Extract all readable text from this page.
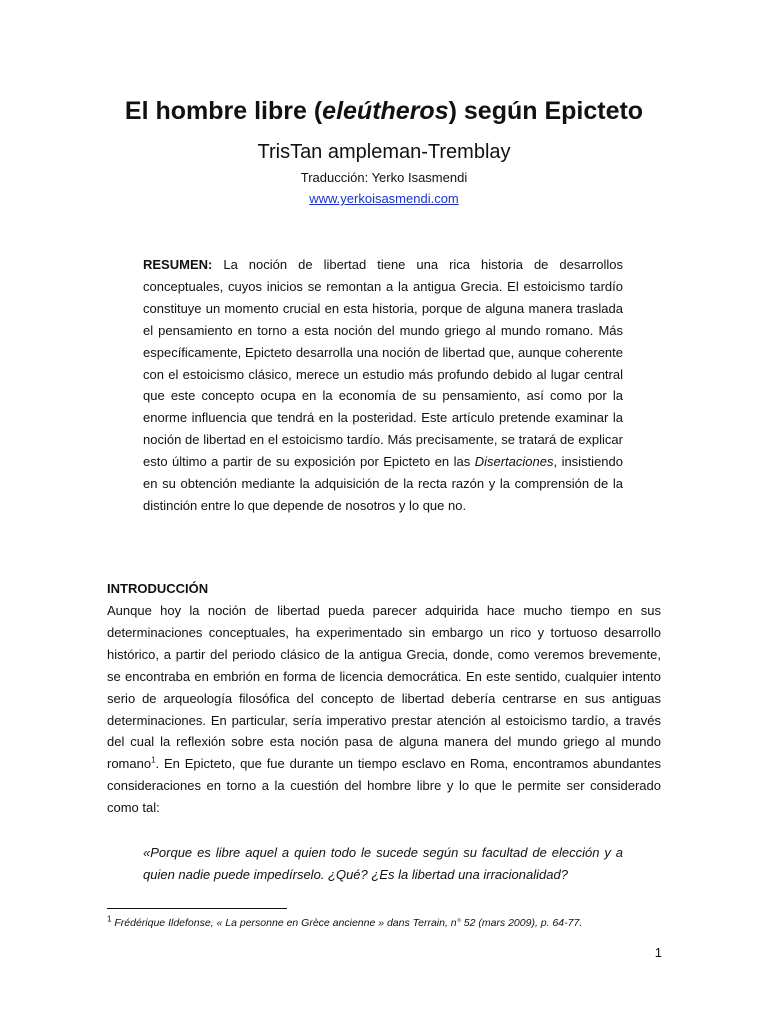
El hombre libre (eleútheros) según Epicteto
TrisTan ampleman-Tremblay
Traducción: Yerko Isasmendi
www.yerkoisasmendi.com

RESUMEN: La noción de libertad tiene una rica historia de desarrollos conceptuales, cuyos inicios se remontan a la antigua Grecia. El estoicismo tardío constituye un momento crucial en esta historia, porque de alguna manera traslada el pensamiento en torno a esta noción del mundo griego al mundo romano. Más específicamente, Epicteto desarrolla una noción de libertad que, aunque coherente con el estoicismo clásico, merece un estudio más profundo debido al lugar central que este concepto ocupa en la economía de su pensamiento, así como por la enorme influencia que tendrá en la posteridad. Este artículo pretende examinar la noción de libertad en el estoicismo tardío. Más precisamente, se tratará de explicar esto último a partir de su exposición por Epicteto en las Disertaciones, insistiendo en su obtención mediante la adquisición de la recta razón y la comprensión de la distinción entre lo que depende de nosotros y lo que no.

INTRODUCCIÓN

Aunque hoy la noción de libertad pueda parecer adquirida hace mucho tiempo en sus determinaciones conceptuales, ha experimentado sin embargo un rico y tortuoso desarrollo histórico, a partir del periodo clásico de la antigua Grecia, donde, como veremos brevemente, se encontraba en embrión en forma de licencia democrática. En este sentido, cualquier intento serio de arqueología filosófica del concepto de libertad debería centrarse en sus antiguas determinaciones. En particular, sería imperativo prestar atención al estoicismo tardío, a través del cual la reflexión sobre esta noción pasa de alguna manera del mundo griego al mundo romano$^1$. En Epicteto, que fue durante un tiempo esclavo en Roma, encontramos abundantes consideraciones en torno a la cuestión del hombre libre y lo que le permite ser considerado como tal:

«Porque es libre aquel a quien todo le sucede según su facultad de elección y a quien nadie puede impedírselo. ¿Qué? ¿Es la libertad una irracionalidad?

$^1$ Frédérique Ildefonse, « La personne en Grèce ancienne » dans Terrain, n° 52 (mars 2009), p. 64-77.
1
